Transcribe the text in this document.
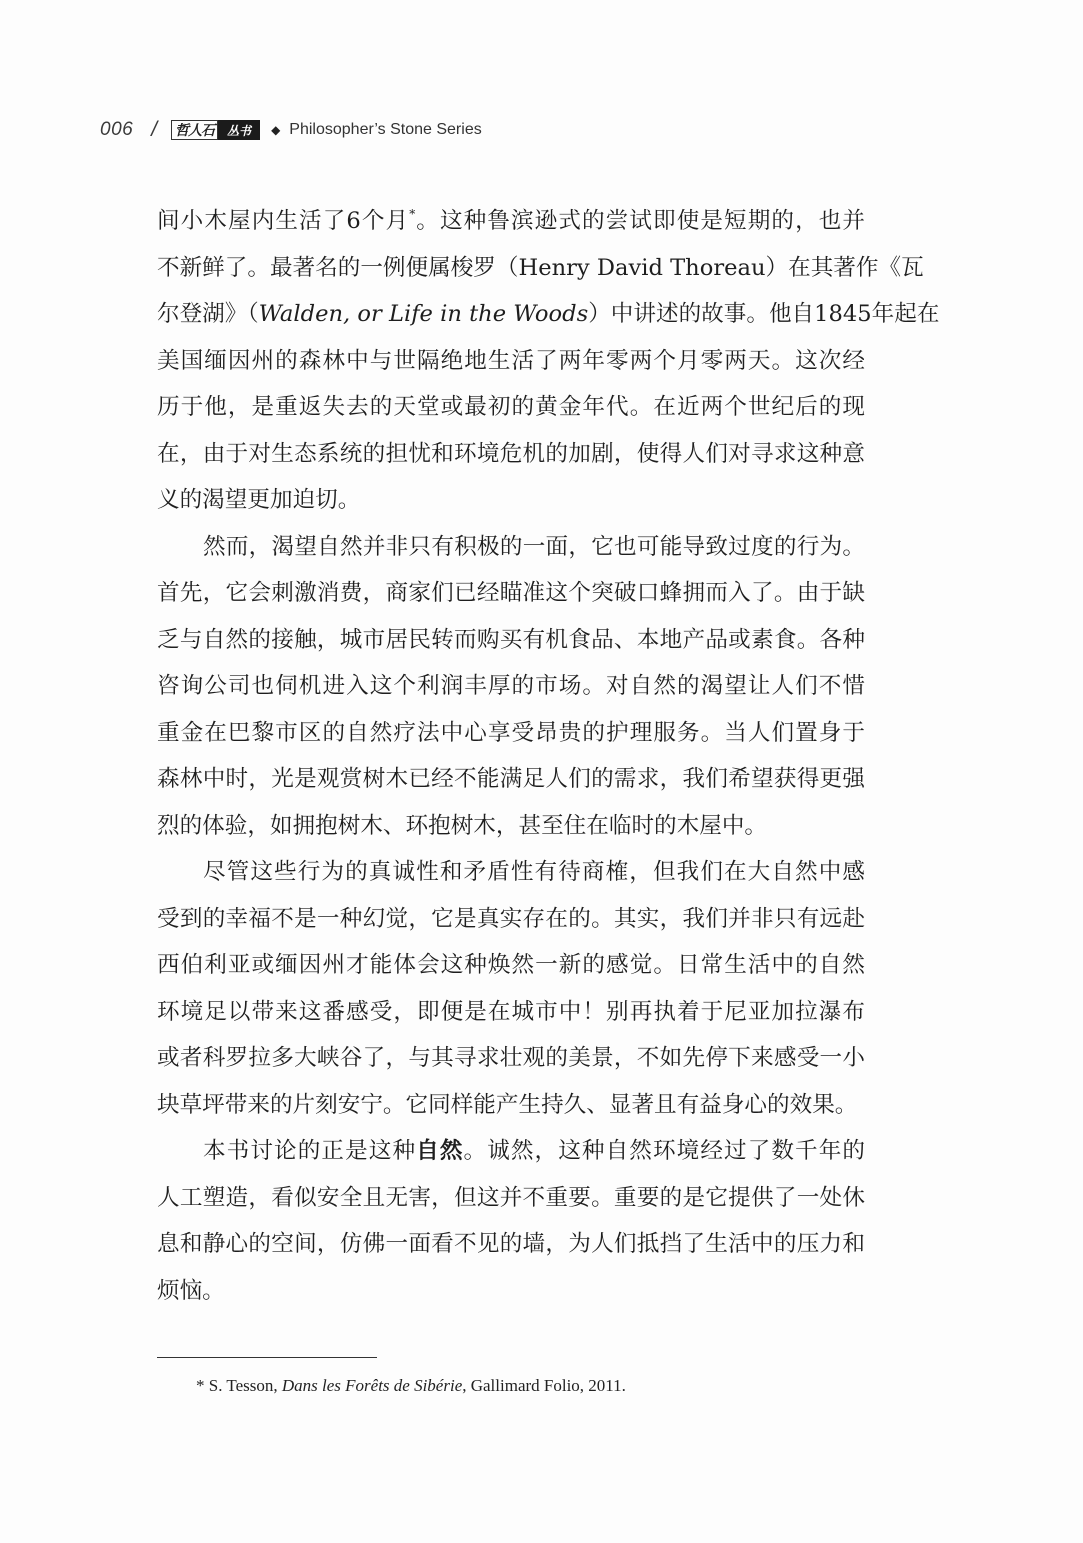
006 / 哲人石	丛书	◆ Philosopher’s Stone Series
间小木屋内生活了6个月*。这种鲁滨逊式的尝试即使是短期的，也并
不新鲜了。最著名的一例便属梭罗（Henry David Thoreau）在其著作《瓦
尔登湖》（Walden, or Life in the Woods）中讲述的故事。他自1845年起在
美国缅因州的森林中与世隔绝地生活了两年零两个月零两天。这次经
历于他，是重返失去的天堂或最初的黄金年代。在近两个世纪后的现
在，由于对生态系统的担忧和环境危机的加剧，使得人们对寻求这种意
义的渴望更加迫切。
然而，渴望自然并非只有积极的一面，它也可能导致过度的行为。
首先，它会刺激消费，商家们已经瞄准这个突破口蜂拥而入了。由于缺
乏与自然的接触，城市居民转而购买有机食品、本地产品或素食。各种
咨询公司也伺机进入这个利润丰厚的市场。对自然的渴望让人们不惜
重金在巴黎市区的自然疗法中心享受昂贵的护理服务。当人们置身于
森林中时，光是观赏树木已经不能满足人们的需求，我们希望获得更强
烈的体验，如拥抱树木、环抱树木，甚至住在临时的木屋中。
尽管这些行为的真诚性和矛盾性有待商榷，但我们在大自然中感
受到的幸福不是一种幻觉，它是真实存在的。其实，我们并非只有远赴
西伯利亚或缅因州才能体会这种焕然一新的感觉。日常生活中的自然
环境足以带来这番感受，即便是在城市中！别再执着于尼亚加拉瀑布
或者科罗拉多大峡谷了，与其寻求壮观的美景，不如先停下来感受一小
块草坪带来的片刻安宁。它同样能产生持久、显著且有益身心的效果。
本书讨论的正是这种自然。诚然，这种自然环境经过了数千年的
人工塑造，看似安全且无害，但这并不重要。重要的是它提供了一处休
息和静心的空间，仿佛一面看不见的墙，为人们抵挡了生活中的压力和
烦恼。
* S. Tesson, Dans les Forêts de Sibérie, Gallimard Folio, 2011.
